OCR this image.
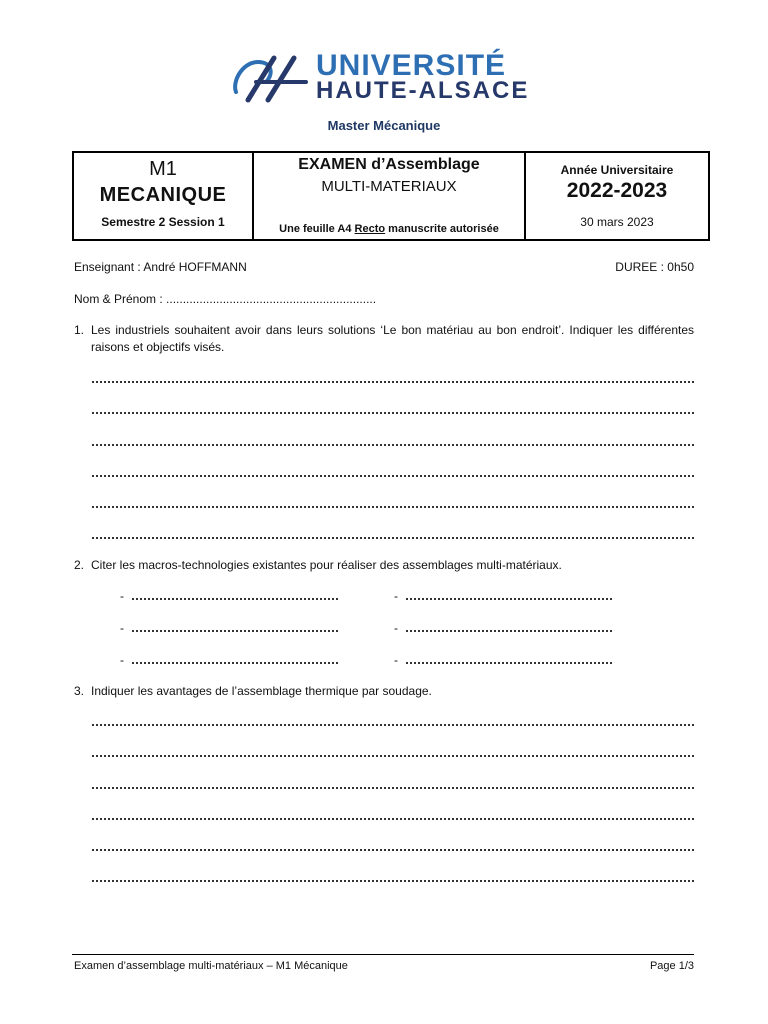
UNIVERSITÉ
HAUTE-ALSACE
Master Mécanique
M1
MECANIQUE
Semestre 2 Session 1
EXAMEN d’Assemblage
MULTI-MATERIAUX
Une feuille A4 Recto manuscrite autorisée
Année Universitaire
2022-2023
30 mars 2023
Enseignant : André HOFFMANN	DUREE : 0h50
Nom & Prénom : ...............................................................
1. Les industriels souhaitent avoir dans leurs solutions ‘Le bon matériau au bon endroit’. Indiquer les différentes raisons et objectifs visés.
2. Citer les macros-technologies existantes pour réaliser des assemblages multi-matériaux.
-	-
-	-
-	-
3. Indiquer les avantages de l’assemblage thermique par soudage.
Examen d’assemblage multi-matériaux – M1 Mécanique	Page 1/3
